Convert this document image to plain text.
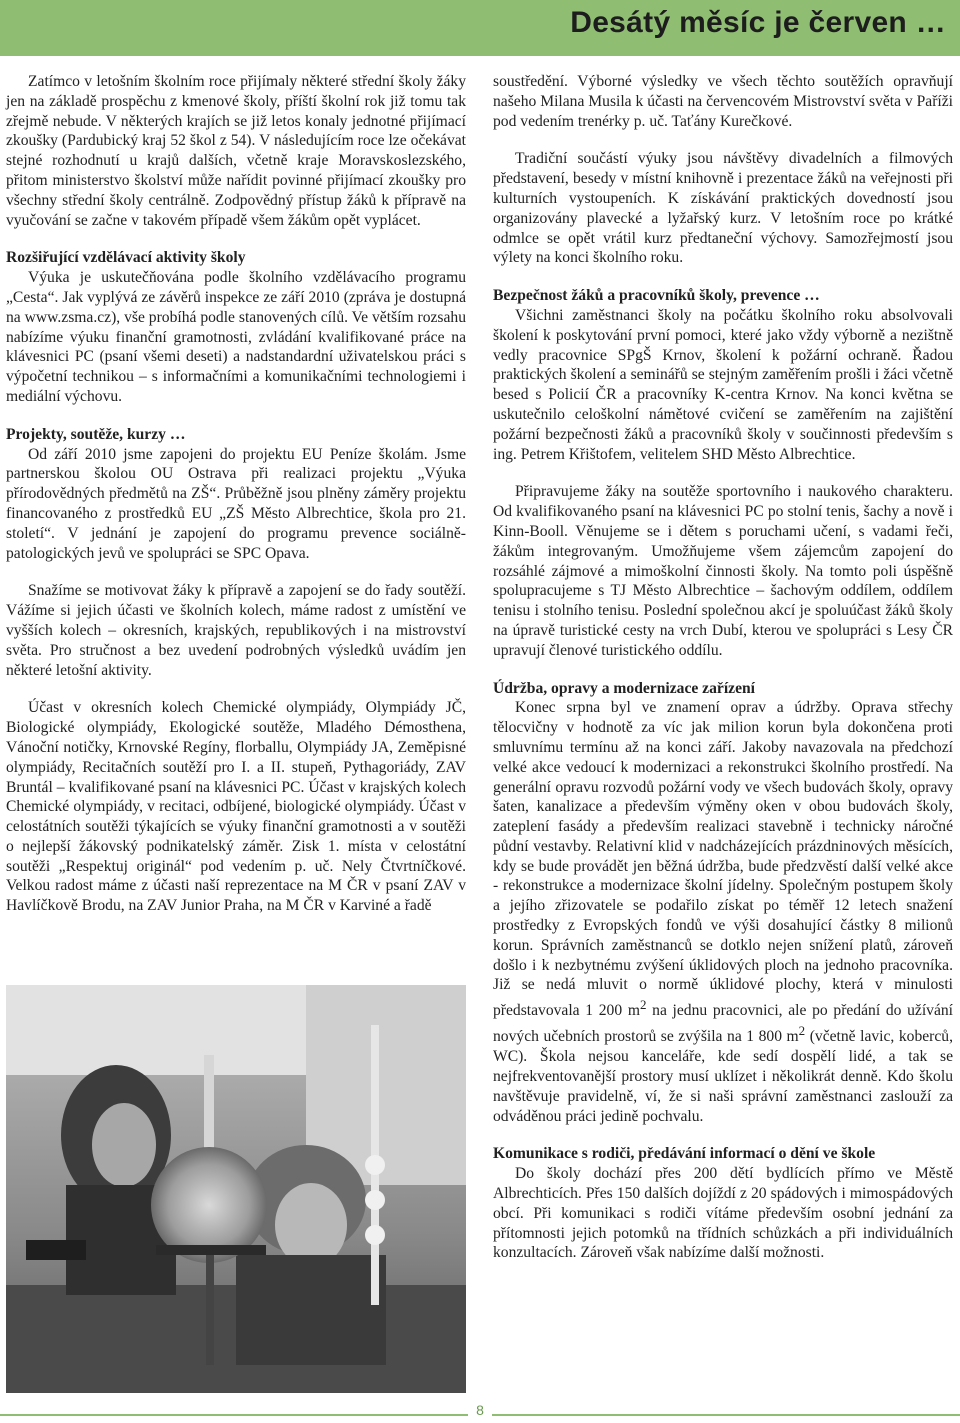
Desátý měsíc je červen …

Zatímco v letošním školním roce přijímaly některé střední školy žáky jen na základě prospěchu z kmenové školy, příští školní rok již tomu tak zřejmě nebude. V některých krajích se již letos konaly jednotné přijímací zkoušky (Pardubický kraj 52 škol z 54). V následujícím roce lze očekávat stejné rozhodnutí u krajů dalších, včetně kraje Moravskoslezského, přitom ministerstvo školství může nařídit povinné přijímací zkoušky pro všechny střední školy centrálně. Zodpovědný přístup žáků k přípravě na vyučování se začne v takovém případě všem žákům opět vyplácet.

Rozšiřující vzdělávací aktivity školy

Výuka je uskutečňována podle školního vzdělávacího programu „Cesta“. Jak vyplývá ze závěrů inspekce ze září 2010 (zpráva je dostupná na www.zsma.cz), vše probíhá podle stanovených cílů. Ve větším rozsahu nabízíme výuku finanční gramotnosti, zvládání kvalifikované práce na klávesnici PC (psaní všemi deseti) a nadstandardní uživatelskou práci s výpočetní technikou – s informačními a komunikačními technologiemi i mediální výchovu.

Projekty, soutěže, kurzy …

Od září 2010 jsme zapojeni do projektu EU Peníze školám. Jsme partnerskou školou OU Ostrava při realizaci projektu „Výuka přírodovědných předmětů na ZŠ“. Průběžně jsou plněny záměry projektu financovaného z prostředků EU „ZŠ Město Albrechtice, škola pro 21. století“. V jednání je zapojení do programu prevence sociálně-patologických jevů ve spolupráci se SPC Opava.

Snažíme se motivovat žáky k přípravě a zapojení se do řady soutěží. Vážíme si jejich účasti ve školních kolech, máme radost z umístění ve vyšších kolech – okresních, krajských, republikových i na mistrovství světa. Pro stručnost a bez uvedení podrobných výsledků uvádím jen některé letošní aktivity.

Účast v okresních kolech Chemické olympiády, Olympiády JČ, Biologické olympiády, Ekologické soutěže, Mladého Démosthena, Vánoční notičky, Krnovské Regíny, florballu, Olympiády JA, Zeměpisné olympiády, Recitačních soutěží pro I. a II. stupeň, Pythagoriády, ZAV Bruntál – kvalifikované psaní na klávesnici PC. Účast v krajských kolech Chemické olympiády, v recitaci, odbíjené, biologické olympiády. Účast v celostátních soutěži týkajících se výuky finanční gramotnosti a v soutěži o nejlepší žákovský podnikatelský záměr. Zisk 1. místa v celostátní soutěži „Respektuj originál“ pod vedením p. uč. Nely Čtvrtníčkové. Velkou radost máme z účasti naší reprezentace na M ČR v psaní ZAV v Havlíčkově Brodu, na ZAV Junior Praha, na M ČR v Karviné a řadě

soustředění. Výborné výsledky ve všech těchto soutěžích opravňují našeho Milana Musila k účasti na červencovém Mistrovství světa v Paříži pod vedením trenérky p. uč. Taťány Kurečkové.

Tradiční součástí výuky jsou návštěvy divadelních a filmových představení, besedy v místní knihovně i prezentace žáků na veřejnosti při kulturních vystoupeních. K získávání praktických dovedností jsou organizovány plavecké a lyžařský kurz. V letošním roce po krátké odmlce se opět vrátil kurz předtaneční výchovy. Samozřejmostí jsou výlety na konci školního roku.

Bezpečnost žáků a pracovníků školy, prevence …

Všichni zaměstnanci školy na počátku školního roku absolvovali školení k poskytování první pomoci, které jako vždy výborně a nezištně vedly pracovnice SPgŠ Krnov, školení k požární ochraně. Řadou praktických školení a seminářů se stejným zaměřením prošli i žáci včetně besed s Policií ČR a pracovníky K-centra Krnov. Na konci května se uskutečnilo celoškolní námětové cvičení se zaměřením na zajištění požární bezpečnosti žáků a pracovníků školy v součinnosti především s ing. Petrem Křištofem, velitelem SHD Město Albrechtice.

Připravujeme žáky na soutěže sportovního i naukového charakteru. Od kvalifikovaného psaní na klávesnici PC po stolní tenis, šachy a nově i Kinn-Booll. Věnujeme se i dětem s poruchami učení, s vadami řeči, žákům integrovaným. Umožňujeme všem zájemcům zapojení do rozsáhlé zájmové a mimoškolní činnosti školy. Na tomto poli úspěšně spolupracujeme s TJ Město Albrechtice – šachovým oddílem, oddílem tenisu i stolního tenisu. Poslední společnou akcí je spoluúčast žáků školy na úpravě turistické cesty na vrch Dubí, kterou ve spolupráci s Lesy ČR upravují členové turistického oddílu.

Údržba, opravy a modernizace zařízení

Konec srpna byl ve znamení oprav a údržby. Oprava střechy tělocvičny v hodnotě za víc jak milion korun byla dokončena proti smluvnímu termínu až na konci září. Jakoby navazovala na předchozí velké akce vedoucí k modernizaci a rekonstrukci školního prostředí. Na generální opravu rozvodů požární vody ve všech budovách školy, opravy šaten, kanalizace a především výměny oken v obou budovách školy, zateplení fasády a především realizaci stavebně i technicky náročné půdní vestavby. Relativní klid v nadcházejících prázdninových měsících, kdy se bude provádět jen běžná údržba, bude předzvěstí další velké akce - rekonstrukce a modernizace školní jídelny. Společným postupem školy a jejího zřizovatele se podařilo získat po téměř 12 letech snažení prostředky z Evropských fondů ve výši dosahující částky 8 milionů korun. Správních zaměstnanců se dotklo nejen snížení platů, zároveň došlo i k nezbytnému zvýšení úklidových ploch na jednoho pracovníka. Již se nedá mluvit o normě úklidové plochy, která v minulosti představovala 1 200 $m^2$ na jednu pracovnici, ale po předání do užívání nových učebních prostorů se zvýšila na 1 800 $m^2$ (včetně lavic, koberců, WC). Škola nejsou kanceláře, kde sedí dospělí lidé, a tak se nejfrekventovanější prostory musí uklízet i několikrát denně. Kdo školu navštěvuje pravidelně, ví, že si naši správní zaměstnanci zaslouží za odváděnou práci jedině pochvalu.

Komunikace s rodiči, předávání informací o dění ve škole

Do školy dochází přes 200 dětí bydlících přímo ve Městě Albrechticích. Přes 150 dalších dojíždí z 20 spádových i mimospádových obcí. Při komunikaci s rodiči vítáme především osobní jednání za přítomnosti jejich potomků na třídních schůzkách a při individuálních konzultacích. Zároveň však nabízíme další možnosti.

8
